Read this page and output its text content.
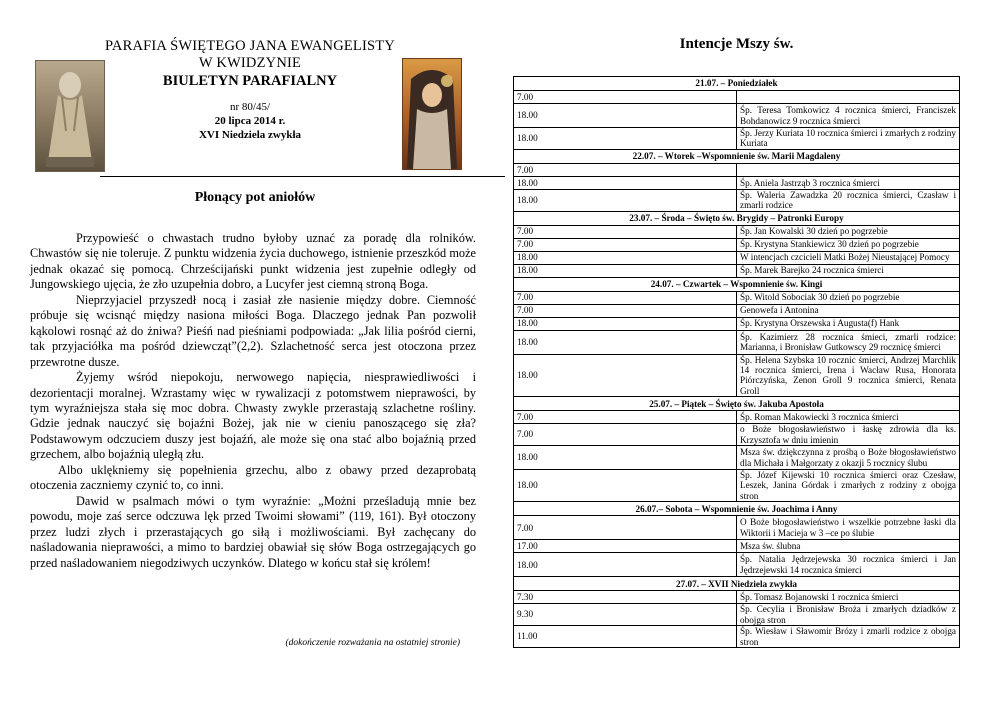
PARAFIA ŚWIĘTEGO JANA EWANGELISTY
W KWIDZYNIE
BIULETYN PARAFIALNY
nr 80/45/
20 lipca 2014 r.
XVI Niedziela zwykła
Płonący pot aniołów

Przypowieść o chwastach trudno byłoby uznać za poradę dla rolników. Chwastów się nie toleruje. Z punktu widzenia życia duchowego, istnienie przeszkód może jednak okazać się pomocą. Chrześcijański punkt widzenia jest zupełnie odległy od Jungowskiego ujęcia, że zło uzupełnia dobro, a Lucyfer jest ciemną stroną Boga.

Nieprzyjaciel przyszedł nocą i zasiał złe nasienie między dobre. Ciemność próbuje się wcisnąć między nasiona miłości Boga. Dlaczego jednak Pan pozwolił kąkolowi rosnąć aż do żniwa? Pieśń nad pieśniami podpowiada: „Jak lilia pośród cierni, tak przyjaciółka ma pośród dziewcząt”(2,2). Szlachetność serca jest otoczona przez przewrotne dusze.

Żyjemy wśród niepokoju, nerwowego napięcia, niesprawiedliwości i dezorientacji moralnej. Wzrastamy więc w rywalizacji z potomstwem nieprawości, by tym wyraźniejsza stała się moc dobra. Chwasty zwykle przerastają szlachetne rośliny. Gdzie jednak nauczyć się bojaźni Bożej, jak nie w cieniu panoszącego się zła? Podstawowym odczuciem duszy jest bojaźń, ale może się ona stać albo bojaźnią przed grzechem, albo bojaźnią uległą złu.

Albo uklękniemy się popełnienia grzechu, albo z obawy przed dezaprobatą otoczenia zaczniemy czynić to, co inni.

Dawid w psalmach mówi o tym wyraźnie: „Możni prześladują mnie bez powodu, moje zaś serce odczuwa lęk przed Twoimi słowami” (119, 161). Był otoczony przez ludzi złych i przerastających go siłą i możliwościami. Był zachęcany do naśladowania nieprawości, a mimo to bardziej obawiał się słów Boga ostrzegających go przed naśladowaniem niegodziwych uczynków. Dlatego w końcu stał się królem!

(dokończenie rozważania na ostatniej stronie)
Intencje Mszy św.
21.07. – Poniedziałek	
7.00	
18.00	Śp. Teresa Tomkowicz 4 rocznica śmierci, Franciszek Bohdanowicz 9 rocznica śmierci
18.00	Śp. Jerzy Kuriata 10 rocznica śmierci i zmarłych z rodziny Kuriata
22.07. – Wtorek –Wspomnienie św. Marii Magdaleny	
7.00	
18.00	Śp. Aniela Jastrząb 3 rocznica śmierci
18.00	Śp. Waleria Zawadzka 20 rocznica śmierci, Czasław i zmarli rodzice
23.07. – Środa – Święto św. Brygidy – Patronki Europy	
7.00	Śp. Jan Kowalski 30 dzień po pogrzebie
7.00	Śp. Krystyna Stankiewicz 30 dzień po pogrzebie
18.00	W intencjach czcicieli Matki Bożej Nieustającej Pomocy
18.00	Śp. Marek Barejko 24 rocznica śmierci
24.07. – Czwartek – Wspomnienie św. Kingi	
7.00	Śp. Witold Sobociak 30 dzień po pogrzebie
7.00	Genowefa i Antonina
18.00	Śp. Krystyna Orszewska i Augusta(f) Hank
18.00	Śp. Kazimierz 28 rocznica śmieci, zmarli rodzice: Marianna, i Bronisław Gutkowscy 29 rocznicę śmierci
18.00	Śp. Helena Szybska 10 rocznic śmierci, Andrzej Marchlik 14 rocznica śmierci, Irena i Wacław Rusa, Honorata Piórczyńska, Zenon Groll 9 rocznica śmierci, Renata Groll
25.07. – Piątek – Święto św. Jakuba Apostoła	
7.00	Śp. Roman Makowiecki 3 rocznica śmierci
7.00	o Boże błogosławieństwo i łaskę zdrowia dla ks. Krzysztofa w dniu imienin
18.00	Msza św. dziękczynna z prośbą o Boże błogosławieństwo dla Michała i Małgorzaty z okazji 5 rocznicy ślubu
18.00	Śp. Józef Kijewski 10 rocznica śmierci oraz Czesław, Leszek, Janina Górdak i zmarłych z rodziny z obojga stron
26.07.– Sobota – Wspomnienie św. Joachima i Anny	
7.00	O Boże błogosławieństwo i wszelkie potrzebne łaski dla Wiktorii i Macieja w 3 –ce po ślubie
17.00	Msza św. ślubna
18.00	Śp. Natalia Jędrzejewska 30 rocznica śmierci i Jan Jędrzejewski 14 rocznica śmierci
27.07. – XVII Niedziela zwykła	
7.30	Śp. Tomasz Bojanowski 1 rocznica śmierci
9.30	Śp. Cecylia i Bronisław Broża i zmarłych dziadków z obojga stron
11.00	Śp. Wiesław i Sławomir Brózy i zmarli rodzice z obojga stron
